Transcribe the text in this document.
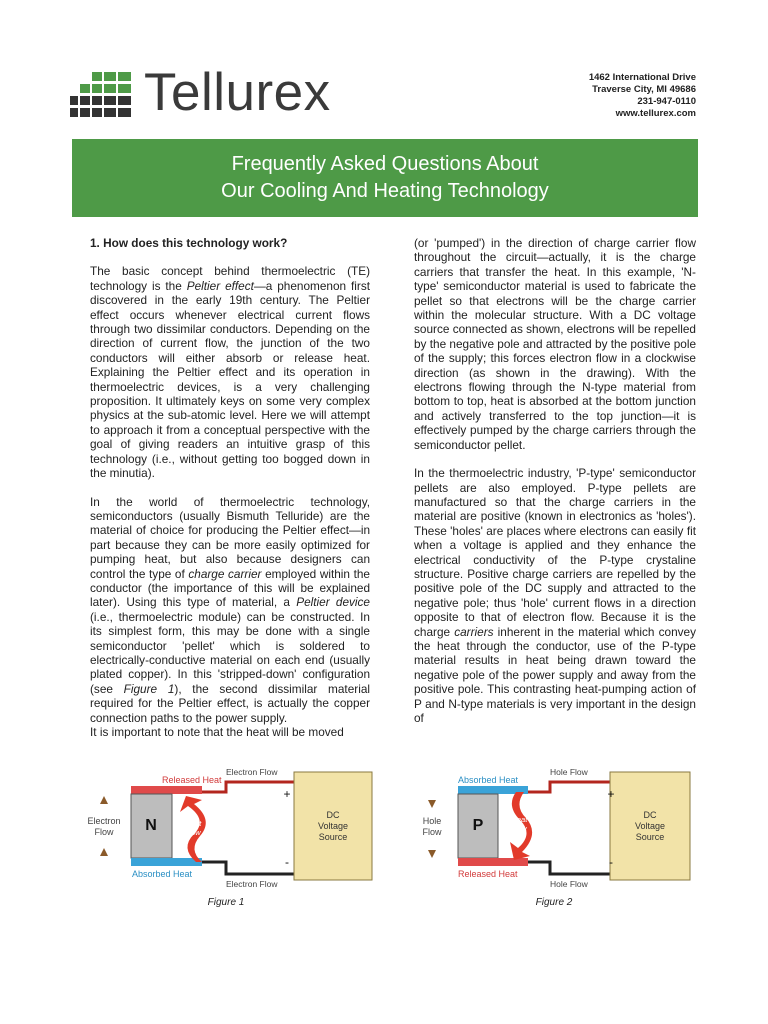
Tellurex	1462 International Drive
Traverse City, MI 49686
231-947-0110
www.tellurex.com
Frequently Asked Questions About
Our Cooling And Heating Technology

1. How does this technology work?

The basic concept behind thermoelectric (TE) technology is the Peltier effect—a phenomenon first discovered in the early 19th century. The Peltier effect occurs whenever electrical current flows through two dissimilar conductors. Depending on the direction of current flow, the junction of the two conductors will either absorb or release heat. Explaining the Peltier effect and its operation in thermoelectric devices, is a very challenging proposition. It ultimately keys on some very complex physics at the sub-atomic level. Here we will attempt to approach it from a conceptual perspective with the goal of giving readers an intuitive grasp of this technology (i.e., without getting too bogged down in the minutia).

In the world of thermoelectric technology, semiconductors (usually Bismuth Telluride) are the material of choice for producing the Peltier effect—in part because they can be more easily optimized for pumping heat, but also because designers can control the type of charge carrier employed within the conductor (the importance of this will be explained later). Using this type of material, a Peltier device (i.e., thermoelectric module) can be constructed. In its simplest form, this may be done with a single semiconductor 'pellet' which is soldered to electrically-conductive material on each end (usually plated copper). In this 'stripped-down' configuration (see Figure 1), the second dissimilar material required for the Peltier effect, is actually the copper connection paths to the power supply.

It is important to note that the heat will be moved

(or 'pumped') in the direction of charge carrier flow throughout the circuit—actually, it is the charge carriers that transfer the heat. In this example, 'N-type' semiconductor material is used to fabricate the pellet so that electrons will be the charge carrier within the molecular structure. With a DC voltage source connected as shown, electrons will be repelled by the negative pole and attracted by the positive pole of the supply; this forces electron flow in a clockwise direction (as shown in the drawing). With the electrons flowing through the N-type material from bottom to top, heat is absorbed at the bottom junction and actively transferred to the top junction—it is effectively pumped by the charge carriers through the semiconductor pellet.

In the thermoelectric industry, 'P-type' semiconductor pellets are also employed. P-type pellets are manufactured so that the charge carriers in the material are positive (known in electronics as 'holes'). These 'holes' are places where electrons can easily fit when a voltage is applied and they enhance the electrical conductivity of the P-type crystaline structure. Positive charge carriers are repelled by the positive pole of the DC supply and attracted to the negative pole; thus 'hole' current flows in a direction opposite to that of electron flow. Because it is the charge carriers inherent in the material which convey the heat through the conductor, use of the P-type material results in heat being drawn toward the negative pole of the power supply and away from the positive pole. This contrasting heat-pumping action of P and N-type materials is very important in the design of

Electron
Flow
Released Heat
Electron Flow
N	heat
flow
+
-
DC
Voltage
Source
Absorbed Heat
Electron Flow
Figure 1
Hole
Flow
Absorbed Heat
Hole Flow
P	heat
flow
+
-
DC
Voltage
Source
Released Heat
Hole Flow
Figure 2
